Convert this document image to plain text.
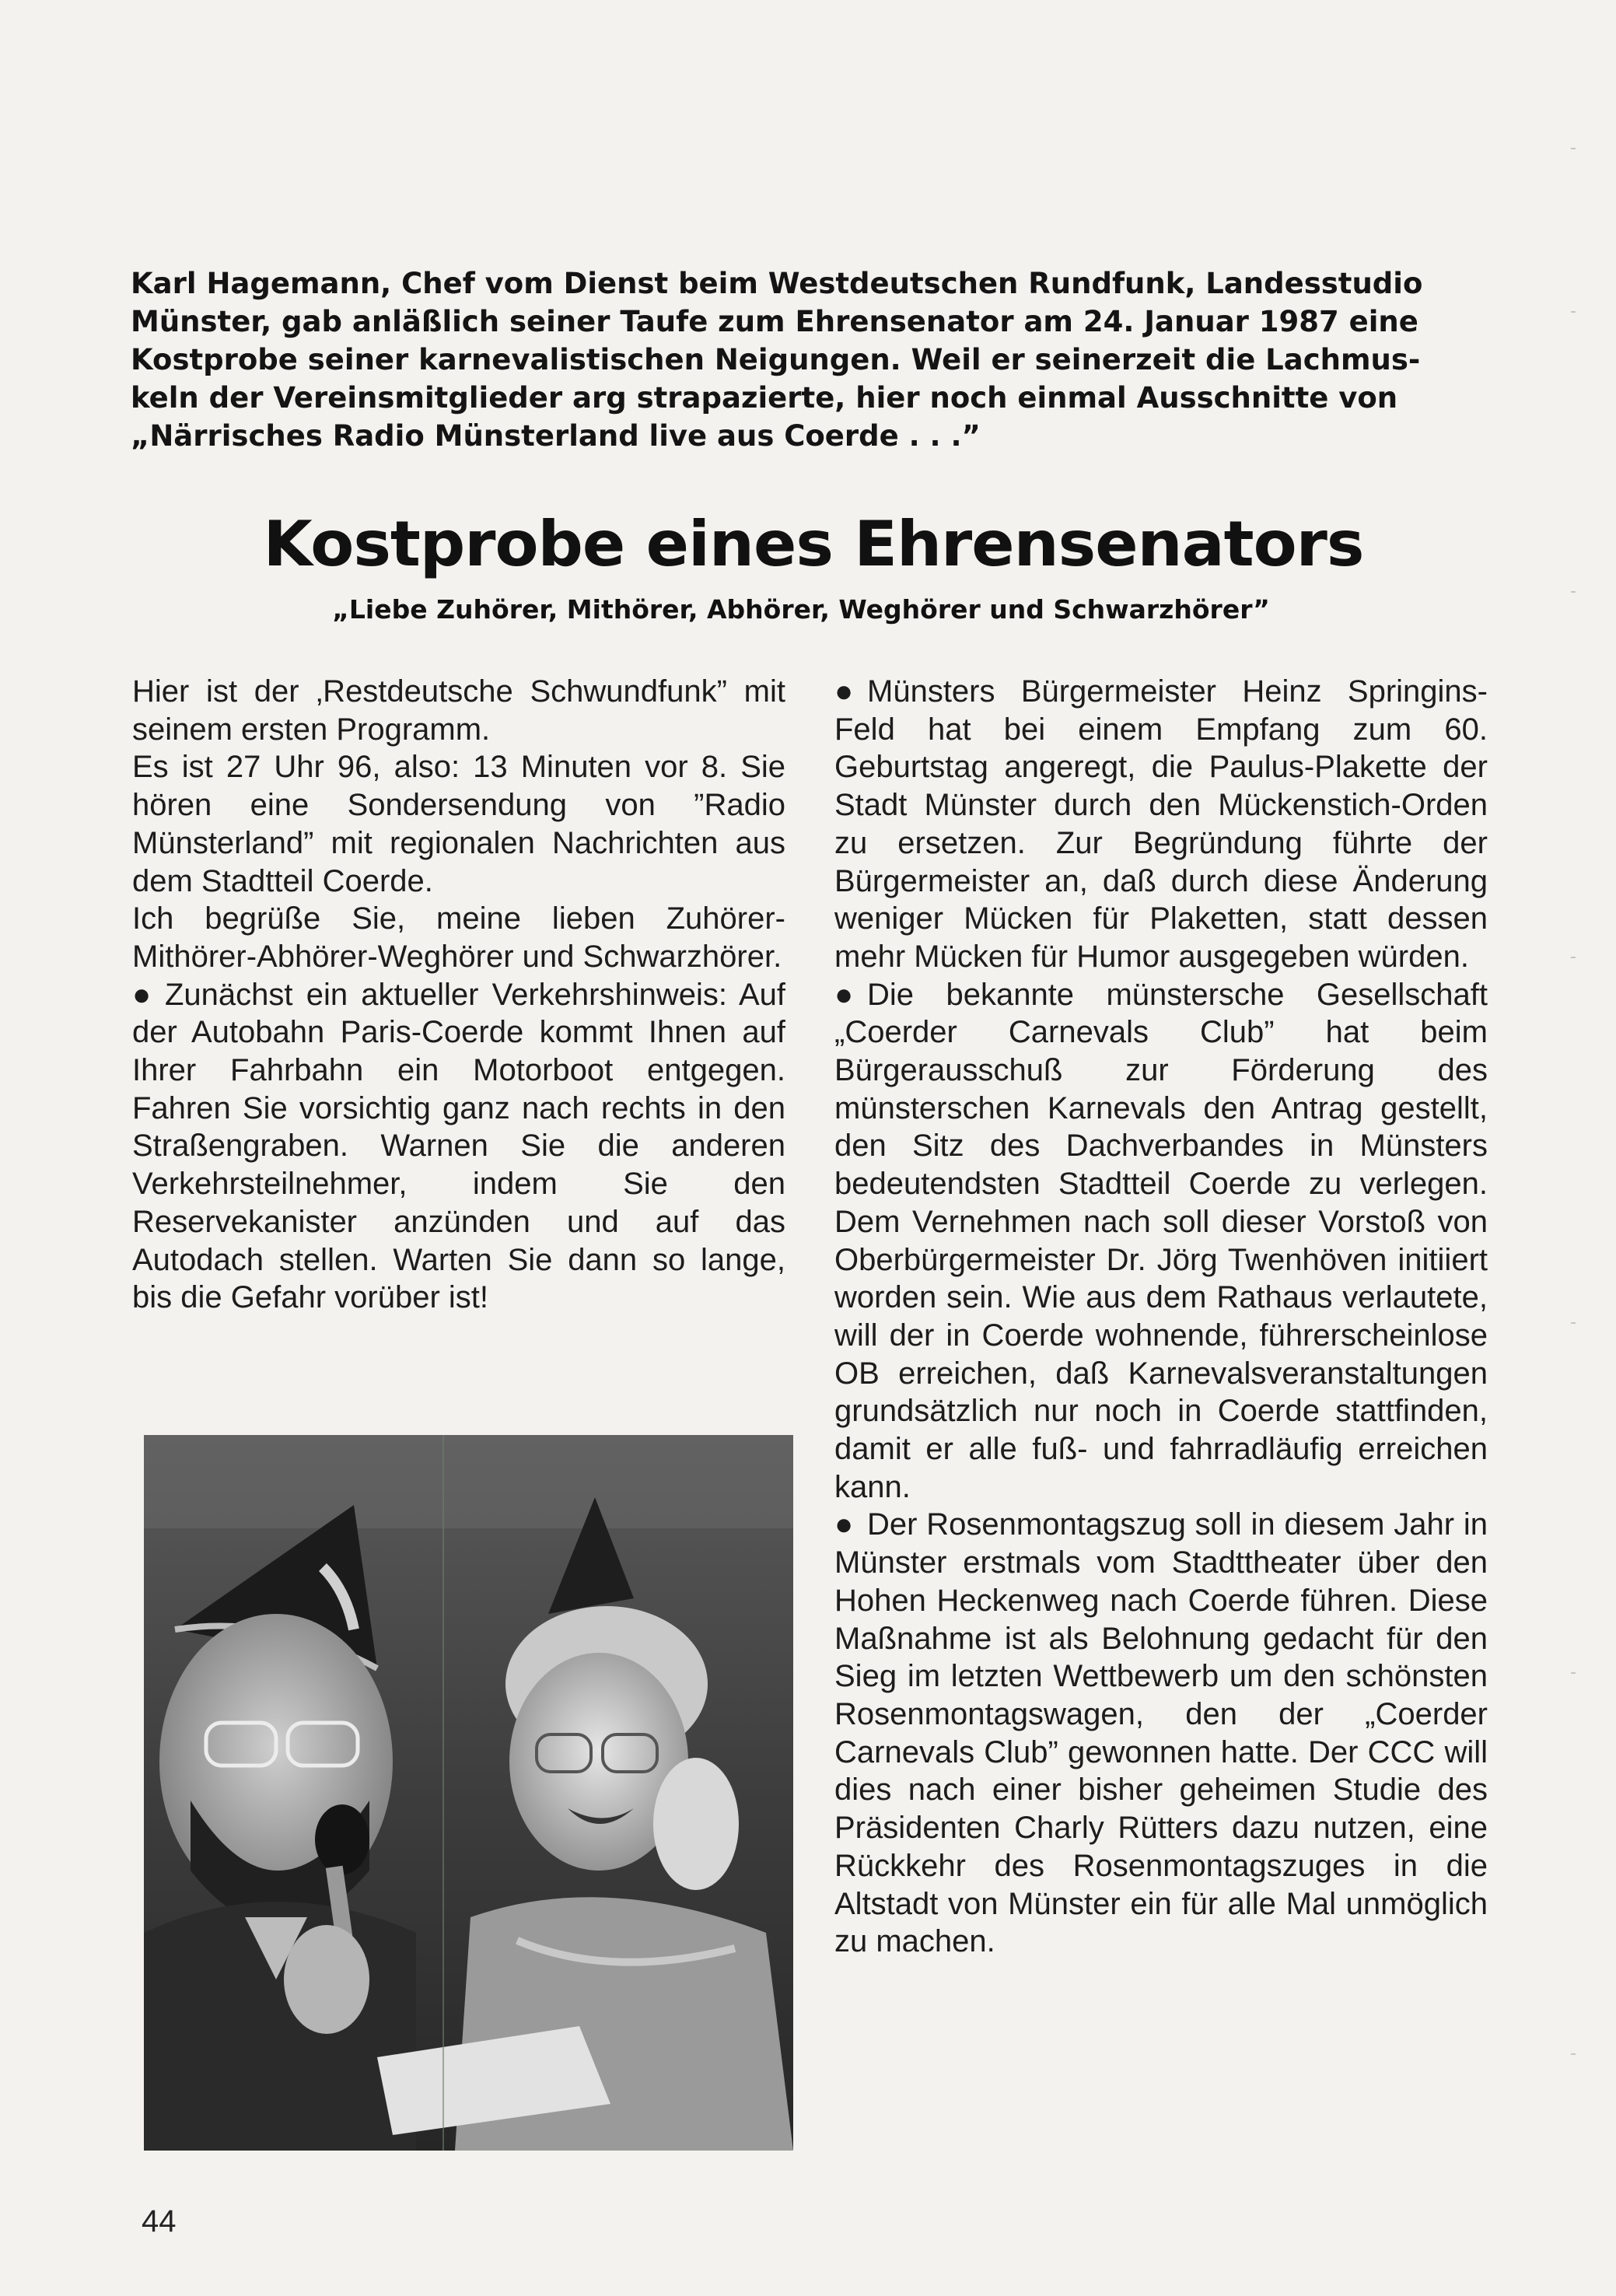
Karl Hagemann, Chef vom Dienst beim Westdeutschen Rundfunk, Landesstudio

Münster, gab anläßlich seiner Taufe zum Ehrensenator am 24. Januar 1987 eine

Kostprobe seiner karnevalistischen Neigungen. Weil er seinerzeit die Lachmus-

keln der Vereinsmitglieder arg strapazierte, hier noch einmal Ausschnitte von

„Närrisches Radio Münsterland live aus Coerde . . .”

Kostprobe eines Ehrensenators
„Liebe Zuhörer, Mithörer, Abhörer, Weghörer und Schwarzhörer”

Hier ist der ‚Restdeutsche Schwundfunk” mit seinem ersten Programm.

Es ist 27 Uhr 96, also: 13 Minuten vor 8. Sie hören eine Sondersendung von ”Radio Münsterland” mit regionalen Nachrichten aus dem Stadtteil Coerde.

Ich begrüße Sie, meine lieben Zuhörer-Mithörer-Abhörer-Weghörer und Schwarzhörer.

● Zunächst ein aktueller Verkehrshinweis: Auf der Autobahn Paris-Coerde kommt Ihnen auf Ihrer Fahrbahn ein Motorboot entgegen. Fahren Sie vorsichtig ganz nach rechts in den Straßengraben. Warnen Sie die anderen Verkehrsteilnehmer, indem Sie den Reservekanister anzünden und auf das Autodach stellen. Warten Sie dann so lange, bis die Gefahr vorüber ist!

● Münsters Bürgermeister Heinz Springins-Feld hat bei einem Empfang zum 60. Geburtstag angeregt, die Paulus-Plakette der Stadt Münster durch den Mückenstich-Orden zu ersetzen. Zur Begründung führte der Bürgermeister an, daß durch diese Änderung weniger Mücken für Plaketten, statt dessen mehr Mücken für Humor ausgegeben würden.

● Die bekannte münstersche Gesellschaft „Coerder Carnevals Club” hat beim Bürgerausschuß zur Förderung des münsterschen Karnevals den Antrag gestellt, den Sitz des Dachverbandes in Münsters bedeutendsten Stadtteil Coerde zu verlegen. Dem Vernehmen nach soll dieser Vorstoß von Oberbürgermeister Dr. Jörg Twenhöven initiiert worden sein. Wie aus dem Rathaus verlautete, will der in Coerde wohnende, führerscheinlose OB erreichen, daß Karnevalsveranstaltungen grundsätzlich nur noch in Coerde stattfinden, damit er alle fuß- und fahrradläufig erreichen kann.

● Der Rosenmontagszug soll in diesem Jahr in Münster erstmals vom Stadttheater über den Hohen Heckenweg nach Coerde führen. Diese Maßnahme ist als Belohnung gedacht für den Sieg im letzten Wettbewerb um den schönsten Rosenmontagswagen, den der „Coerder Carnevals Club” gewonnen hatte. Der CCC will dies nach einer bisher geheimen Studie des Präsidenten Charly Rütters dazu nutzen, eine Rückkehr des Rosenmontagszuges in die Altstadt von Münster ein für alle Mal unmöglich zu machen.

44
